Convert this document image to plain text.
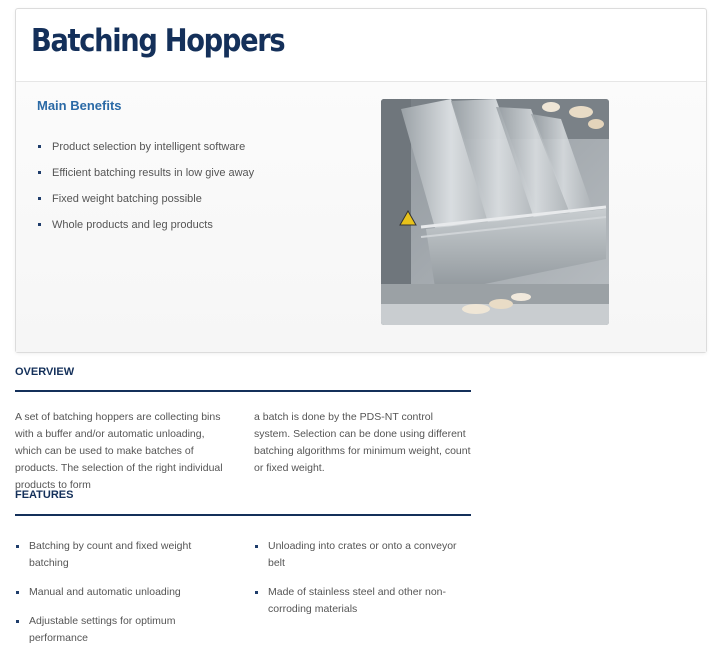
Batching Hoppers
Main Benefits
Product selection by intelligent software
Efficient batching results in low give away
Fixed weight batching possible
Whole products and leg products
OVERVIEW

A set of batching hoppers are collecting bins with a buffer and/or automatic unloading, which can be used to make batches of products. The selection of the right individual products to form

a batch is done by the PDS-NT control system. Selection can be done using different batching algorithms for minimum weight, count or fixed weight.

FEATURES
Batching by count and fixed weight batching
Manual and automatic unloading
Adjustable settings for optimum performance
Unloading into crates or onto a conveyor belt
Made of stainless steel and other non-corroding materials
